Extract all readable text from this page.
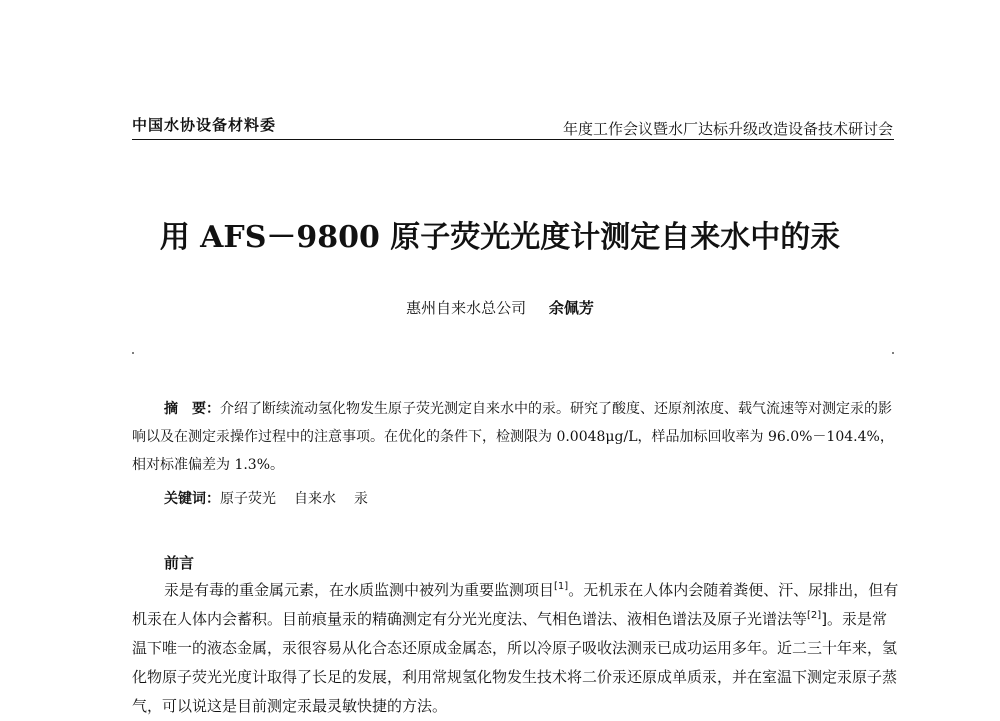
中国水协设备材料委	年度工作会议暨水厂达标升级改造设备技术研讨会
用 AFS－9800 原子荧光光度计测定自来水中的汞
惠州自来水总公司 余佩芳
摘　要：介绍了断续流动氢化物发生原子荧光测定自来水中的汞。研究了酸度、还原剂浓度、载气流速等对测定汞的影响以及在测定汞操作过程中的注意事项。在优化的条件下，检测限为 0.0048μg/L，样品加标回收率为 96.0%－104.4%，相对标准偏差为 1.3%。
关键词：原子荧光 自来水 汞
前言
汞是有毒的重金属元素，在水质监测中被列为重要监测项目[1]。无机汞在人体内会随着粪便、汗、尿排出，但有机汞在人体内会蓄积。目前痕量汞的精确测定有分光光度法、气相色谱法、液相色谱法及原子光谱法等[2]]。汞是常温下唯一的液态金属，汞很容易从化合态还原成金属态，所以冷原子吸收法测汞已成功运用多年。近二三十年来，氢化物原子荧光光度计取得了长足的发展，利用常规氢化物发生技术将二价汞还原成单质汞，并在室温下测定汞原子蒸气，可以说这是目前测定汞最灵敏快捷的方法。
